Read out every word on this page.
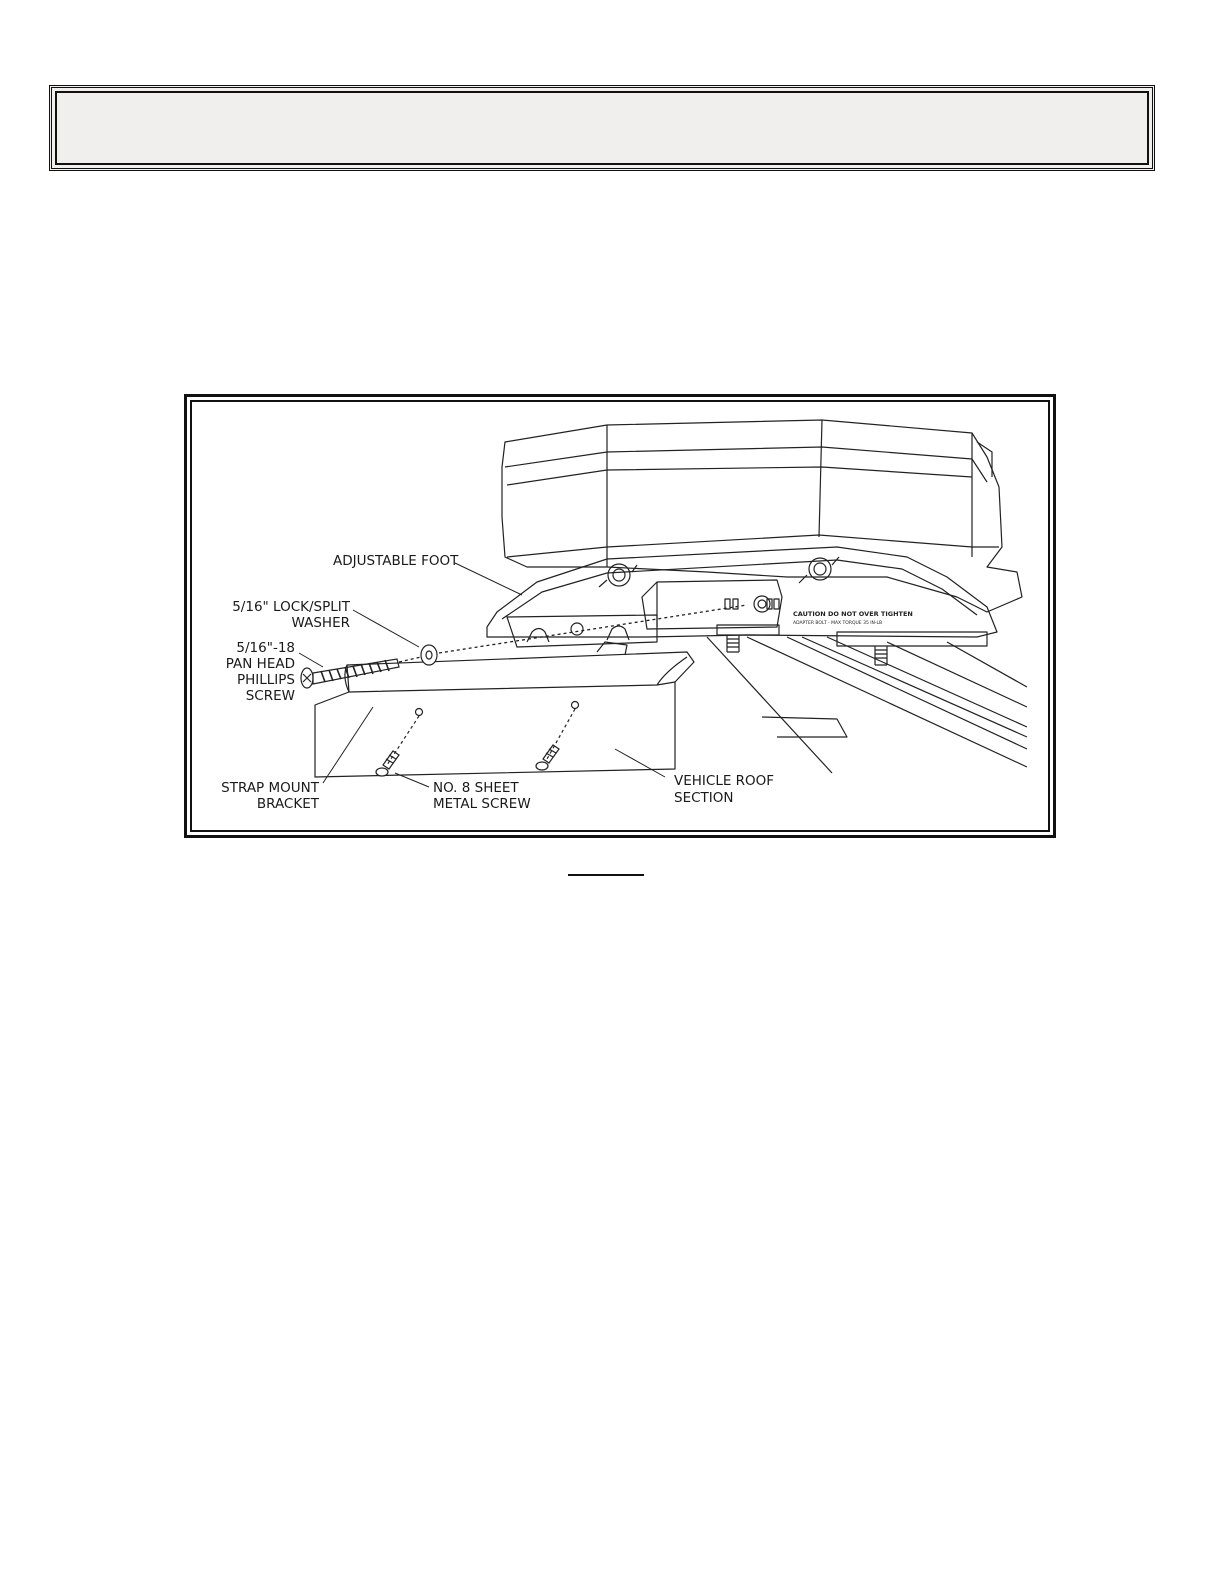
CAUTION DO NOT OVER TIGHTEN
ADAPTER BOLT - MAX TORQUE 35 IN-LB
ADJUSTABLE FOOT
5/16" LOCK/SPLIT
WASHER
5/16"-18
PAN HEAD
PHILLIPS
SCREW
STRAP MOUNT
BRACKET
NO. 8 SHEET
METAL SCREW
VEHICLE ROOF
SECTION
